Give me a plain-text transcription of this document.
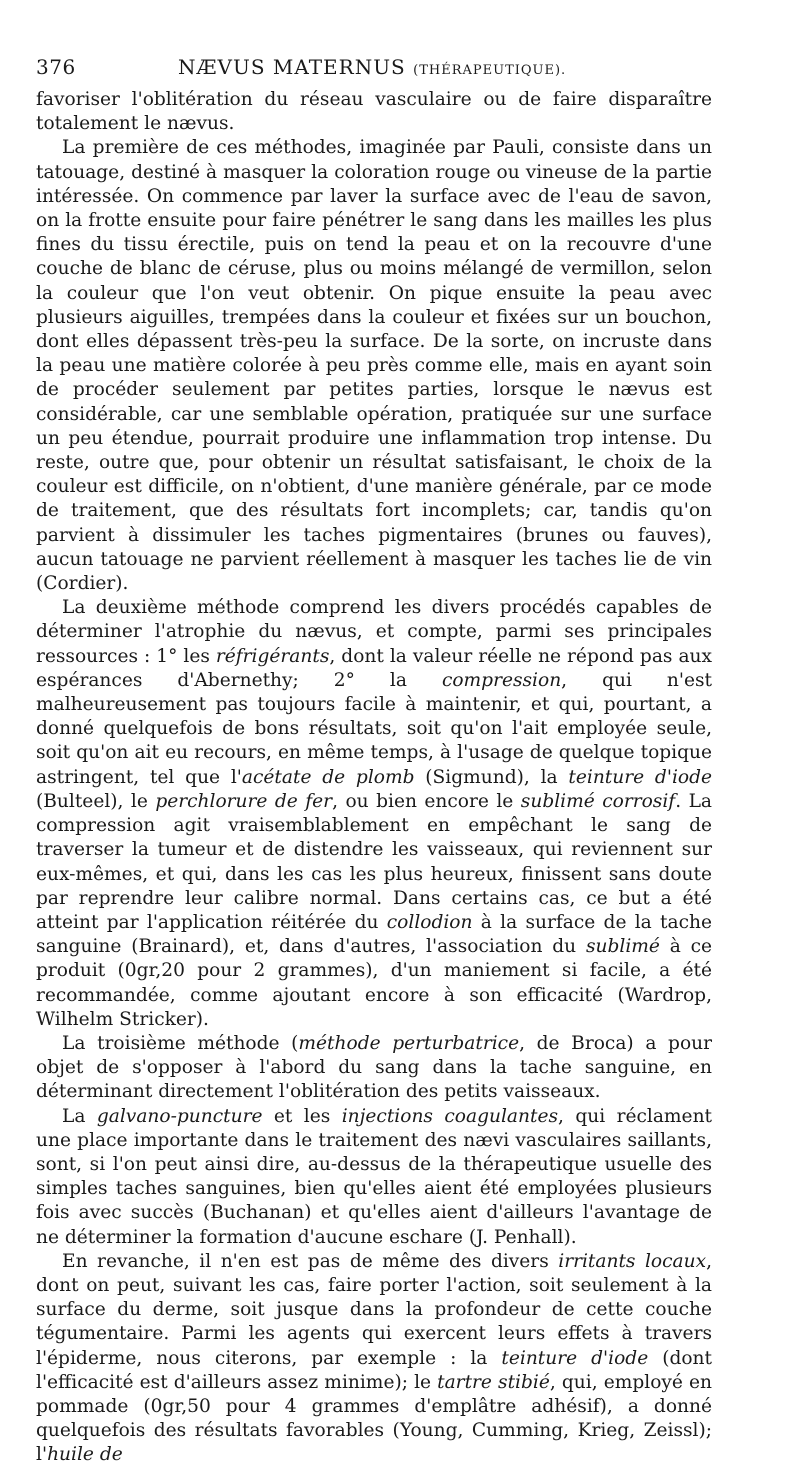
376	NÆVUS MATERNUS (THÉRAPEUTIQUE).

favoriser l'oblitération du réseau vasculaire ou de faire disparaître totalement le nævus.

La première de ces méthodes, imaginée par Pauli, consiste dans un tatouage, destiné à masquer la coloration rouge ou vineuse de la partie intéressée. On commence par laver la surface avec de l'eau de savon, on la frotte ensuite pour faire pénétrer le sang dans les mailles les plus fines du tissu érectile, puis on tend la peau et on la recouvre d'une couche de blanc de céruse, plus ou moins mélangé de vermillon, selon la couleur que l'on veut obtenir. On pique ensuite la peau avec plusieurs aiguilles, trempées dans la couleur et fixées sur un bouchon, dont elles dépassent très-peu la surface. De la sorte, on incruste dans la peau une matière colorée à peu près comme elle, mais en ayant soin de procéder seulement par petites parties, lorsque le nævus est considérable, car une semblable opération, pratiquée sur une surface un peu étendue, pourrait produire une inflammation trop intense. Du reste, outre que, pour obtenir un résultat satisfaisant, le choix de la couleur est difficile, on n'obtient, d'une manière générale, par ce mode de traitement, que des résultats fort incomplets; car, tandis qu'on parvient à dissimuler les taches pigmentaires (brunes ou fauves), aucun tatouage ne parvient réellement à masquer les taches lie de vin (Cordier).

La deuxième méthode comprend les divers procédés capables de déterminer l'atrophie du nævus, et compte, parmi ses principales ressources : 1° les réfrigérants, dont la valeur réelle ne répond pas aux espérances d'Abernethy; 2° la compression, qui n'est malheureusement pas toujours facile à maintenir, et qui, pourtant, a donné quelquefois de bons résultats, soit qu'on l'ait employée seule, soit qu'on ait eu recours, en même temps, à l'usage de quelque topique astringent, tel que l'acétate de plomb (Sigmund), la teinture d'iode (Bulteel), le perchlorure de fer, ou bien encore le sublimé corrosif. La compression agit vraisemblablement en empêchant le sang de traverser la tumeur et de distendre les vaisseaux, qui reviennent sur eux-mêmes, et qui, dans les cas les plus heureux, finissent sans doute par reprendre leur calibre normal. Dans certains cas, ce but a été atteint par l'application réitérée du collodion à la surface de la tache sanguine (Brainard), et, dans d'autres, l'association du sublimé à ce produit (0gr,20 pour 2 grammes), d'un maniement si facile, a été recommandée, comme ajoutant encore à son efficacité (Wardrop, Wilhelm Stricker).

La troisième méthode (méthode perturbatrice, de Broca) a pour objet de s'opposer à l'abord du sang dans la tache sanguine, en déterminant directement l'oblitération des petits vaisseaux.

La galvano-puncture et les injections coagulantes, qui réclament une place importante dans le traitement des nævi vasculaires saillants, sont, si l'on peut ainsi dire, au-dessus de la thérapeutique usuelle des simples taches sanguines, bien qu'elles aient été employées plusieurs fois avec succès (Buchanan) et qu'elles aient d'ailleurs l'avantage de ne déterminer la formation d'aucune eschare (J. Penhall).

En revanche, il n'en est pas de même des divers irritants locaux, dont on peut, suivant les cas, faire porter l'action, soit seulement à la surface du derme, soit jusque dans la profondeur de cette couche tégumentaire. Parmi les agents qui exercent leurs effets à travers l'épiderme, nous citerons, par exemple : la teinture d'iode (dont l'efficacité est d'ailleurs assez minime); le tartre stibié, qui, employé en pommade (0gr,50 pour 4 grammes d'emplâtre adhésif), a donné quelquefois des résultats favorables (Young, Cumming, Krieg, Zeissl); l'huile de
